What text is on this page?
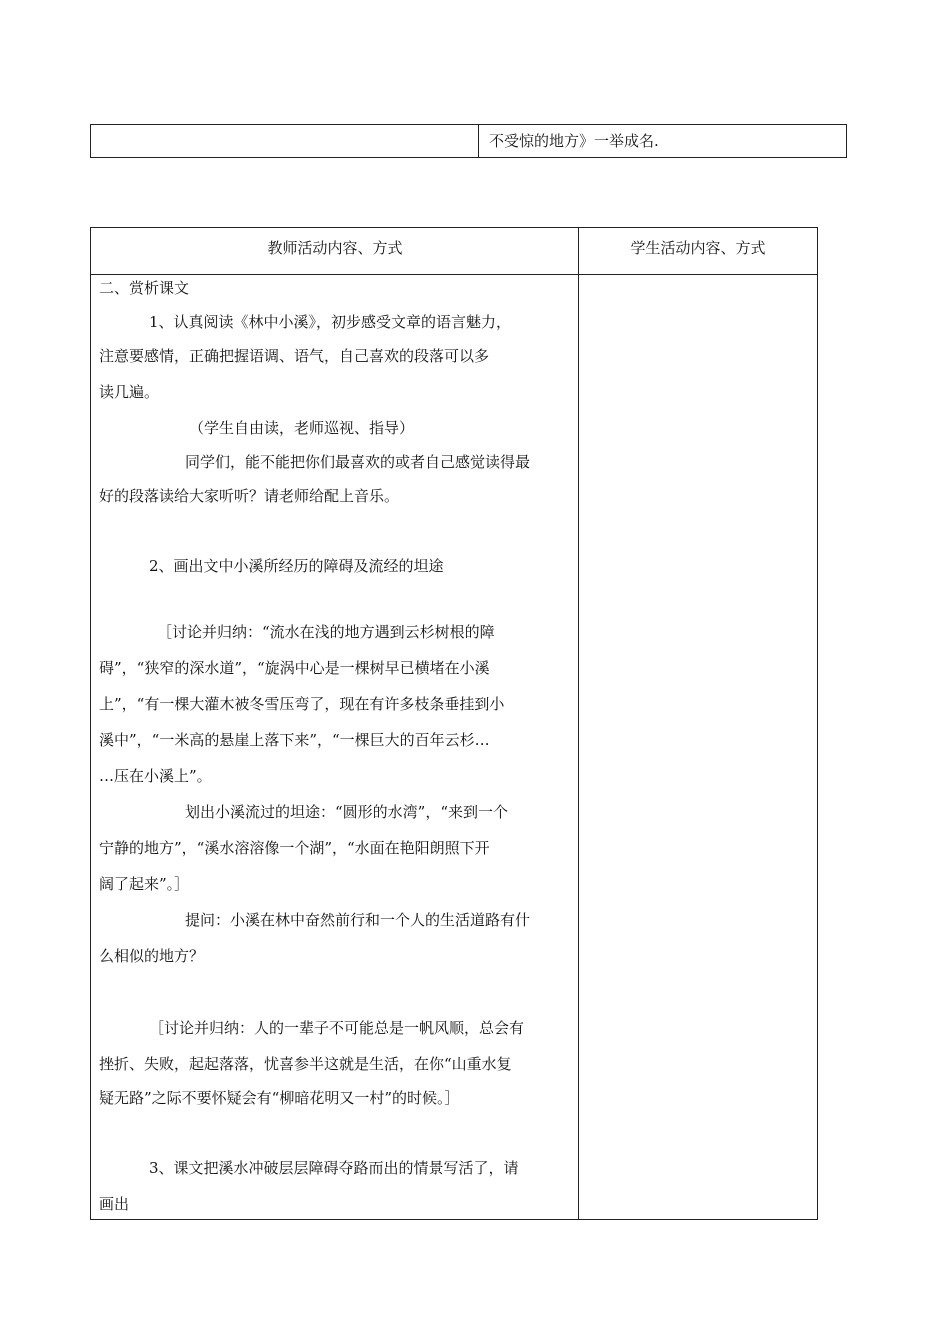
不受惊的地方》一举成名.
教师活动内容、方式	学生活动内容、方式
二、赏析课文
1、认真阅读《林中小溪》，初步感受文章的语言魅力，
注意要感情，正确把握语调、语气，自己喜欢的段落可以多
读几遍。
（学生自由读，老师巡视、指导）
同学们，能不能把你们最喜欢的或者自己感觉读得最
好的段落读给大家听听？请老师给配上音乐。
2、画出文中小溪所经历的障碍及流经的坦途
［讨论并归纳：“流水在浅的地方遇到云杉树根的障
碍”，“狭窄的深水道”，“旋涡中心是一棵树早已横堵在小溪
上”，“有一棵大灌木被冬雪压弯了，现在有许多枝条垂挂到小
溪中”，“一米高的悬崖上落下来”，“一棵巨大的百年云杉…
…压在小溪上”。
划出小溪流过的坦途：“圆形的水湾”，“来到一个
宁静的地方”，“溪水溶溶像一个湖”，“水面在艳阳朗照下开
阔了起来”。］
提问：小溪在林中奋然前行和一个人的生活道路有什
么相似的地方？
［讨论并归纳：人的一辈子不可能总是一帆风顺，总会有
挫折、失败，起起落落，忧喜参半这就是生活，在你“山重水复
疑无路”之际不要怀疑会有“柳暗花明又一村”的时候。］
3、课文把溪水冲破层层障碍夺路而出的情景写活了，请
画出
